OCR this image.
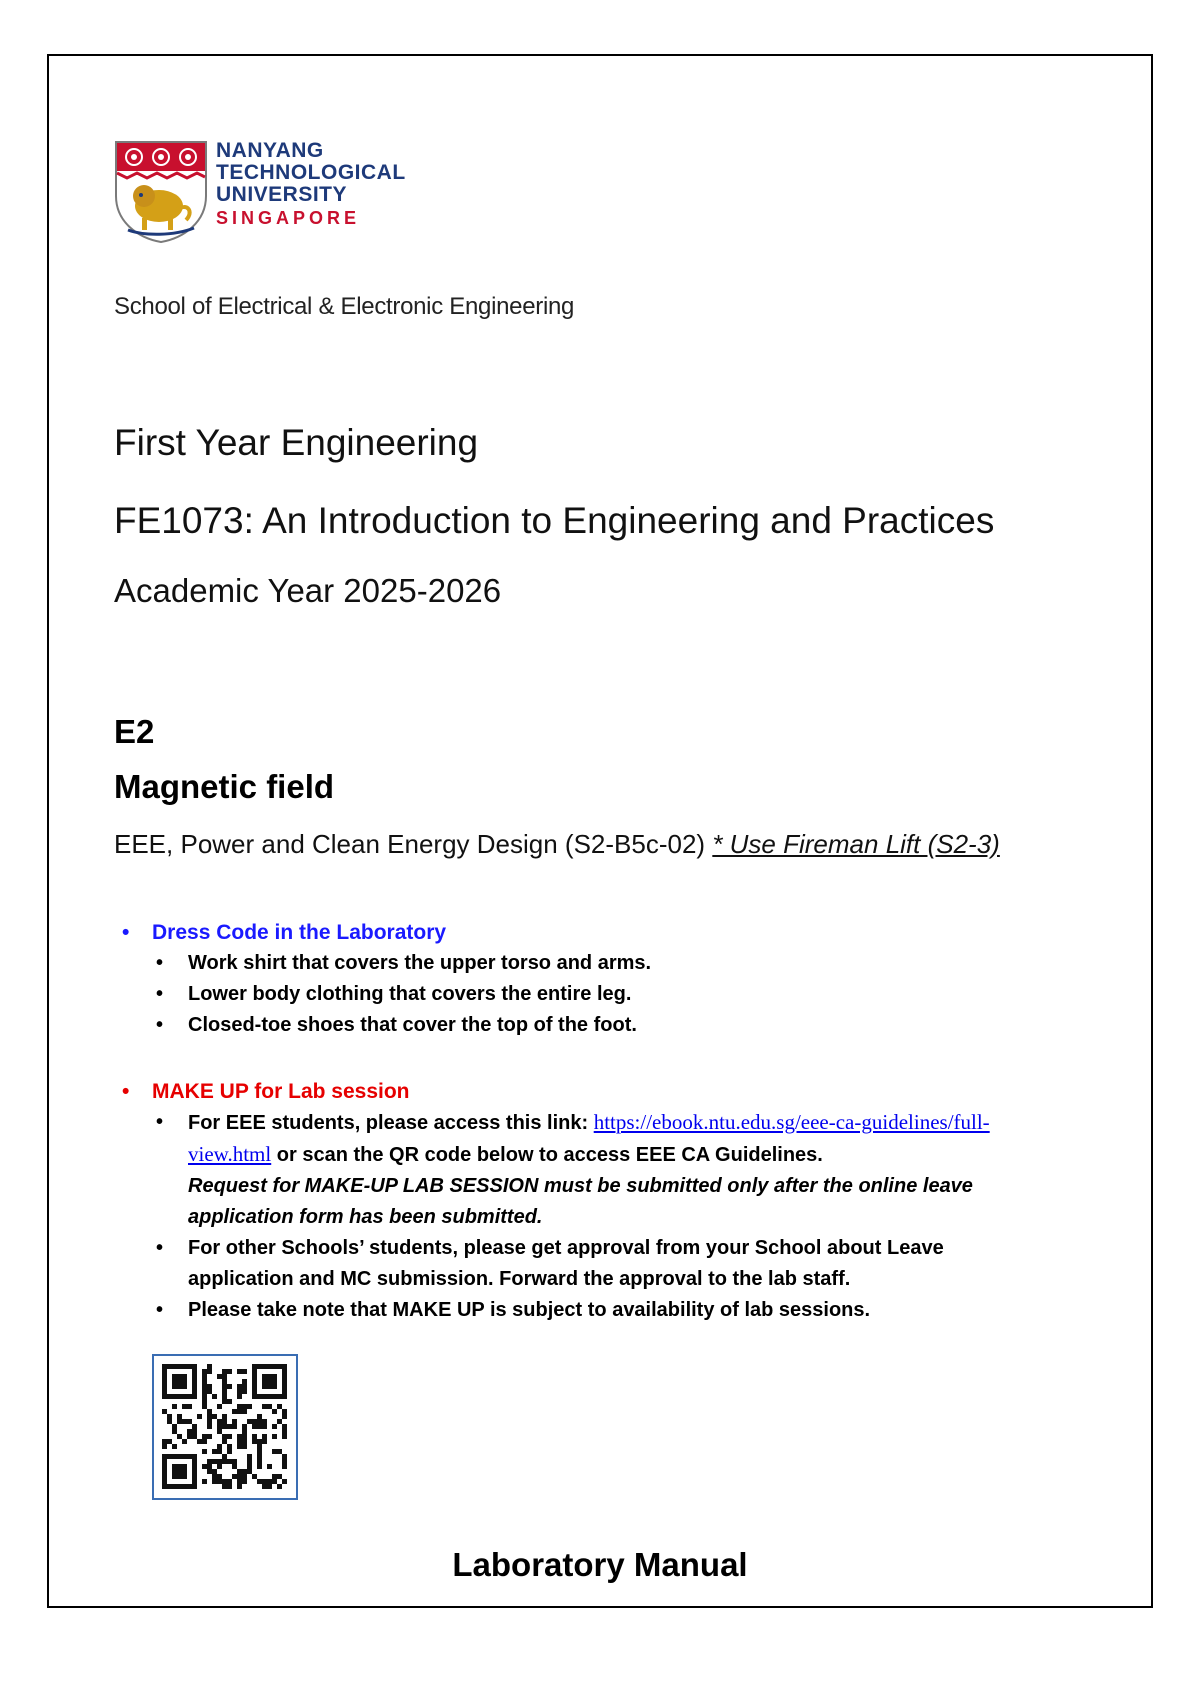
NANYANG
TECHNOLOGICAL
UNIVERSITY
SINGAPORE
School of Electrical & Electronic Engineering
First Year Engineering
FE1073: An Introduction to Engineering and Practices
Academic Year 2025-2026
E2
Magnetic field
EEE, Power and Clean Energy Design (S2-B5c-02) * Use Fireman Lift (S2-3)
• Dress Code in the Laboratory
• Work shirt that covers the upper torso and arms.
• Lower body clothing that covers the entire leg.
• Closed-toe shoes that cover the top of the foot.
• MAKE UP for Lab session
• For EEE students, please access this link: https://ebook.ntu.edu.sg/eee-ca-guidelines/full-
view.html or scan the QR code below to access EEE CA Guidelines.
Request for MAKE-UP LAB SESSION must be submitted only after the online leave
application form has been submitted.
• For other Schools’ students, please get approval from your School about Leave
application and MC submission. Forward the approval to the lab staff.
• Please take note that MAKE UP is subject to availability of lab sessions.
Laboratory Manual
